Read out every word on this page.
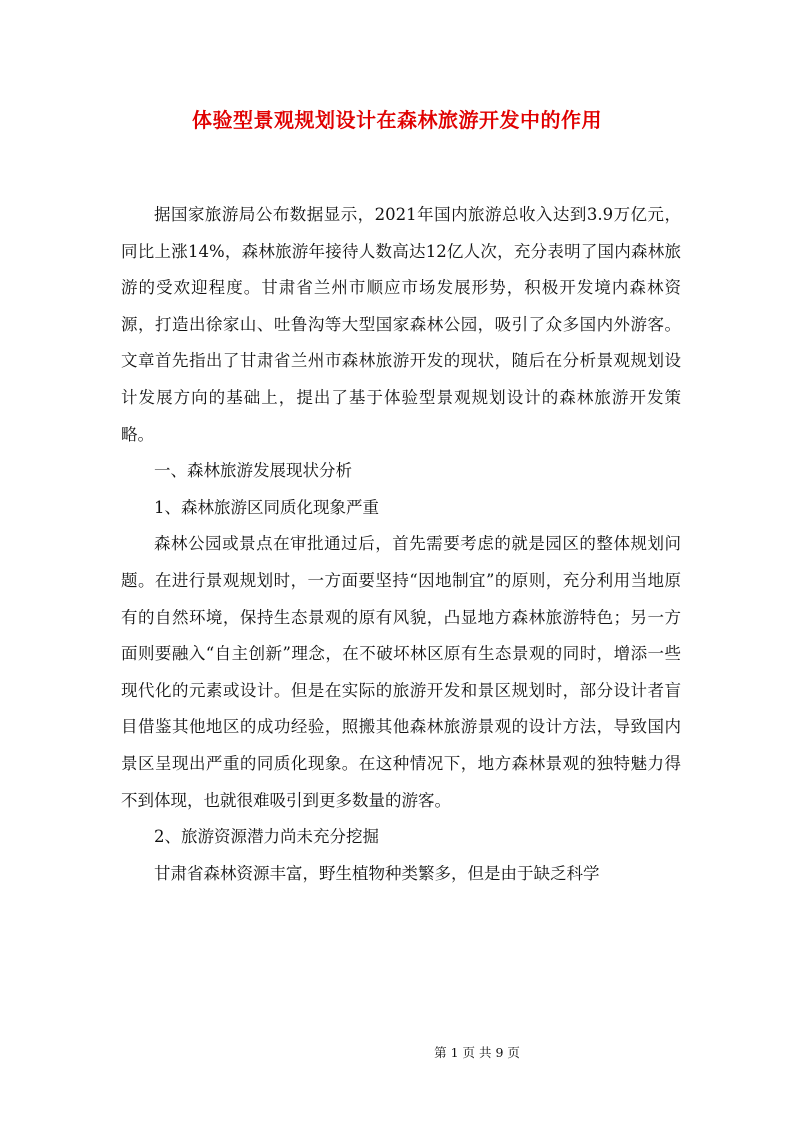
体验型景观规划设计在森林旅游开发中的作用

据国家旅游局公布数据显示，2021年国内旅游总收入达到3.9万亿元，同比上涨14%，森林旅游年接待人数高达12亿人次，充分表明了国内森林旅游的受欢迎程度。甘肃省兰州市顺应市场发展形势，积极开发境内森林资源，打造出徐家山、吐鲁沟等大型国家森林公园，吸引了众多国内外游客。文章首先指出了甘肃省兰州市森林旅游开发的现状，随后在分析景观规划设计发展方向的基础上，提出了基于体验型景观规划设计的森林旅游开发策略。

一、森林旅游发展现状分析

1、森林旅游区同质化现象严重

森林公园或景点在审批通过后，首先需要考虑的就是园区的整体规划问题。在进行景观规划时，一方面要坚持“因地制宜”的原则，充分利用当地原有的自然环境，保持生态景观的原有风貌，凸显地方森林旅游特色；另一方面则要融入“自主创新”理念，在不破坏林区原有生态景观的同时，增添一些现代化的元素或设计。但是在实际的旅游开发和景区规划时，部分设计者盲目借鉴其他地区的成功经验，照搬其他森林旅游景观的设计方法，导致国内景区呈现出严重的同质化现象。在这种情况下，地方森林景观的独特魅力得不到体现，也就很难吸引到更多数量的游客。

2、旅游资源潜力尚未充分挖掘

甘肃省森林资源丰富，野生植物种类繁多，但是由于缺乏科学

第 1 页 共 9 页
